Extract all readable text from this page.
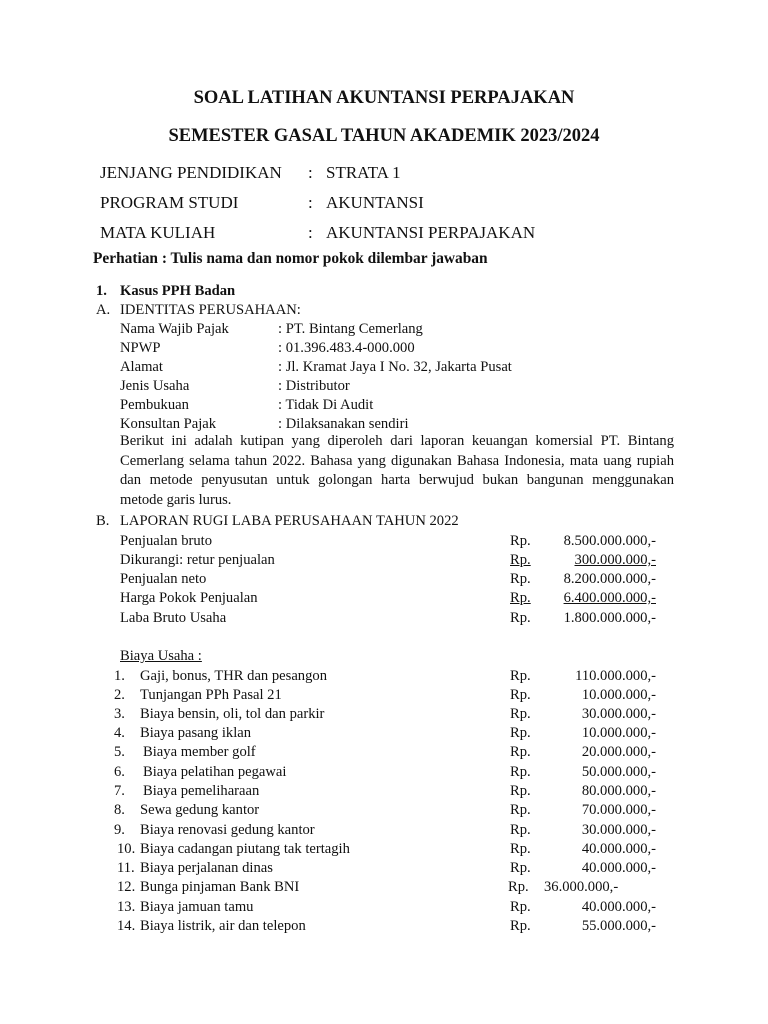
SOAL LATIHAN AKUNTANSI PERPAJAKAN
SEMESTER GASAL TAHUN AKADEMIK 2023/2024
JENJANG PENDIDIKAN : STRATA 1
PROGRAM STUDI	: AKUNTANSI
MATA KULIAH	: AKUNTANSI PERPAJAKAN
Perhatian : Tulis nama dan nomor pokok dilembar jawaban
1. Kasus PPH Badan
A. IDENTITAS PERUSAHAAN:
Nama Wajib Pajak	: PT. Bintang Cemerlang
NPWP	: 01.396.483.4-000.000
Alamat	: Jl. Kramat Jaya I No. 32, Jakarta Pusat
Jenis Usaha	: Distributor
Pembukuan	: Tidak Di Audit
Konsultan Pajak	: Dilaksanakan sendiri
Berikut ini adalah kutipan yang diperoleh dari laporan keuangan komersial PT. Bintang Cemerlang selama tahun 2022. Bahasa yang digunakan Bahasa Indonesia, mata uang rupiah dan metode penyusutan untuk golongan harta berwujud bukan bangunan menggunakan metode garis lurus.
B. LAPORAN RUGI LABA PERUSAHAAN TAHUN 2022
Penjualan bruto	Rp.	8.500.000.000,-
Dikurangi: retur penjualan	Rp.	300.000.000,-
Penjualan neto	Rp.	8.200.000.000,-
Harga Pokok Penjualan	Rp.	6.400.000.000,-
Laba Bruto Usaha	Rp.	1.800.000.000,-
Biaya Usaha :
1. Gaji, bonus, THR dan pesangon	Rp.	110.000.000,-
2. Tunjangan PPh Pasal 21	Rp.	10.000.000,-
3. Biaya bensin, oli, tol dan parkir	Rp.	30.000.000,-
4. Biaya pasang iklan	Rp.	10.000.000,-
5. Biaya member golf	Rp.	20.000.000,-
6. Biaya pelatihan pegawai	Rp.	50.000.000,-
7. Biaya pemeliharaan	Rp.	80.000.000,-
8. Sewa gedung kantor	Rp.	70.000.000,-
9. Biaya renovasi gedung kantor	Rp.	30.000.000,-
10. Biaya cadangan piutang tak tertagih	Rp.	40.000.000,-
11. Biaya perjalanan dinas	Rp.	40.000.000,-
12. Bunga pinjaman Bank BNI	Rp. 36.000.000,-
13. Biaya jamuan tamu	Rp.	40.000.000,-
14. Biaya listrik, air dan telepon	Rp.	55.000.000,-
